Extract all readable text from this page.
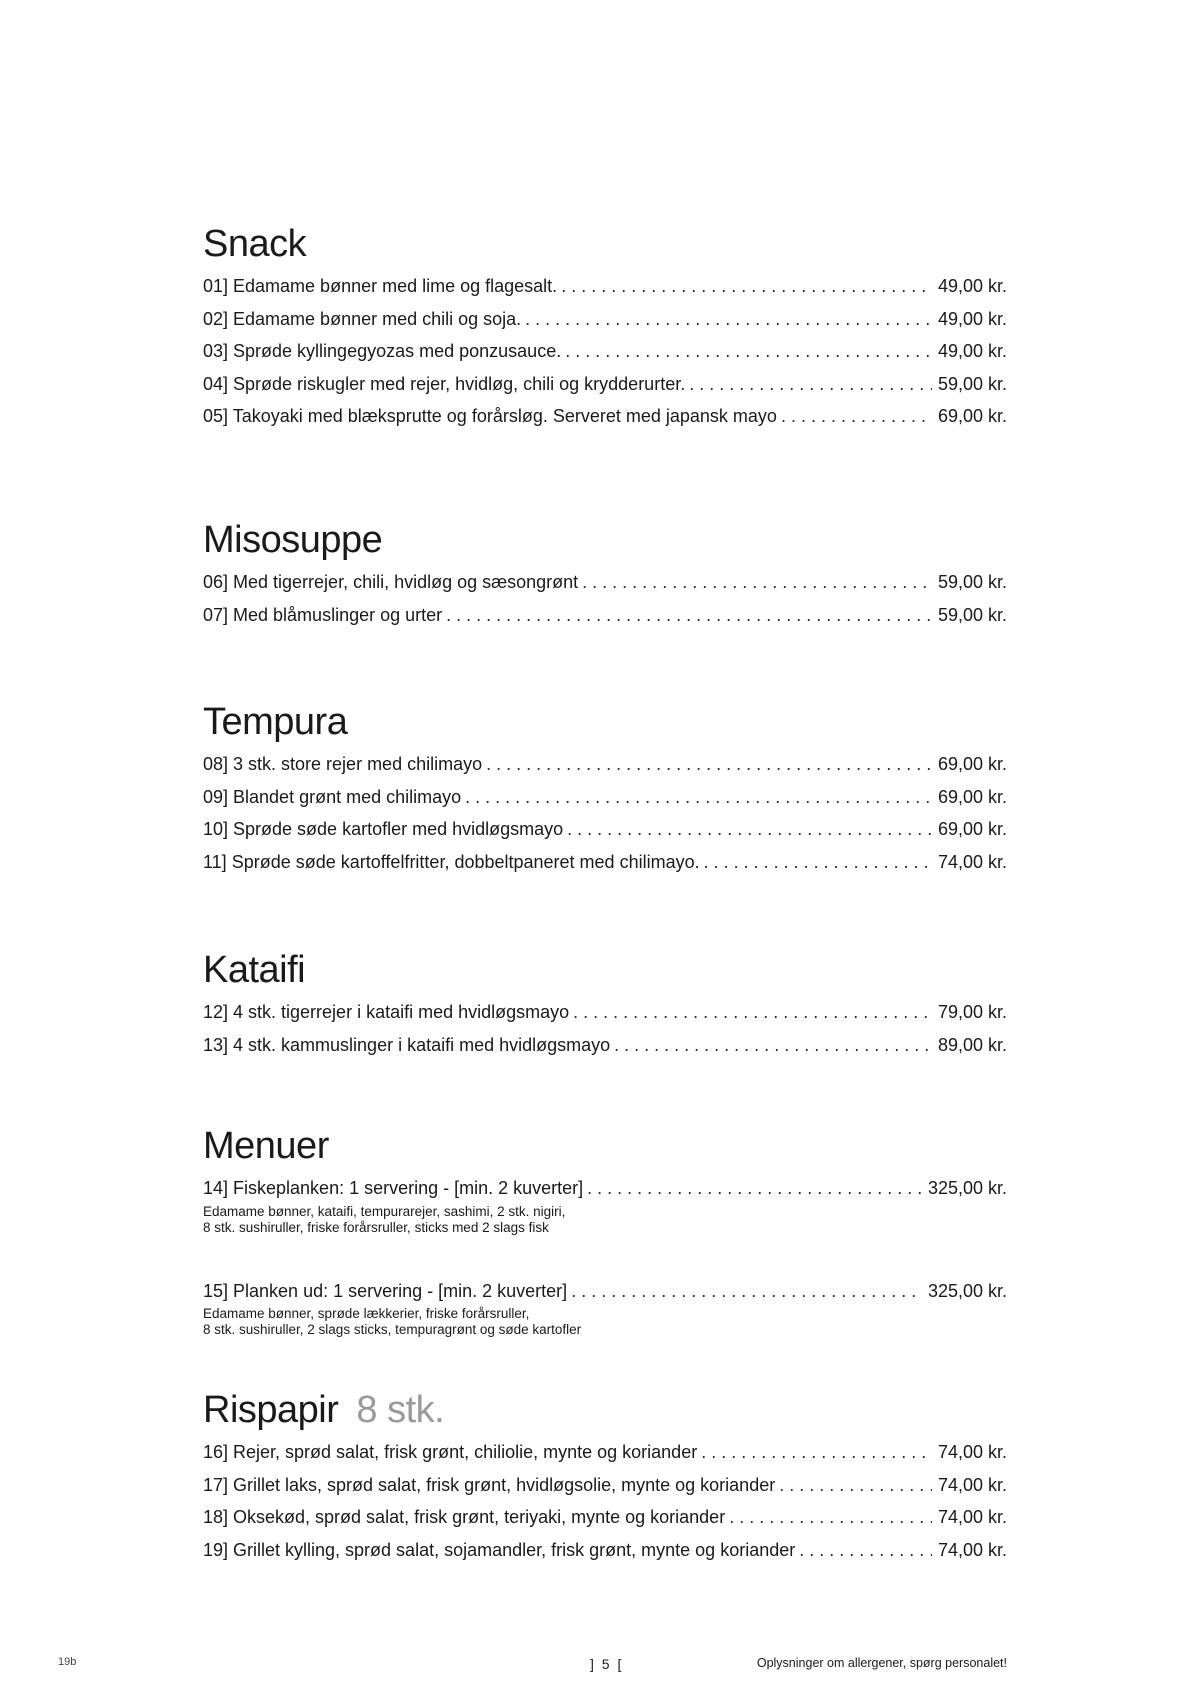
Snack
01] Edamame bønner med lime og flagesalt. . . .	49,00 kr.
02] Edamame bønner med chili og soja. . . .	49,00 kr.
03] Sprøde kyllingegyozas med ponzusauce. . . .	49,00 kr.
04] Sprøde riskugler med rejer, hvidløg, chili og krydderurter. . . .	59,00 kr.
05] Takoyaki med blæksprutte og forårsløg. Serveret med japansk mayo . . .	69,00 kr.
Misosuppe
06] Med tigerrejer, chili, hvidløg og sæsongrønt . . .	59,00 kr.
07] Med blåmuslinger og urter . . .	59,00 kr.
Tempura
08] 3 stk. store rejer med chilimayo . . .	69,00 kr.
09] Blandet grønt med chilimayo . . .	69,00 kr.
10] Sprøde søde kartofler med hvidløgsmayo . . .	69,00 kr.
11] Sprøde søde kartoffelfritter, dobbeltpaneret med chilimayo. . . .	74,00 kr.
Kataifi
12] 4 stk. tigerrejer i kataifi med hvidløgsmayo . . .	79,00 kr.
13] 4 stk. kammuslinger i kataifi med hvidløgsmayo . . .	89,00 kr.
Menuer
14] Fiskeplanken: 1 servering - [min. 2 kuverter] . . .	325,00 kr.
Edamame bønner, kataifi, tempurarejer, sashimi, 2 stk. nigiri,
8 stk. sushiruller, friske forårsruller, sticks med 2 slags fisk
15] Planken ud: 1 servering - [min. 2 kuverter] . . .	325,00 kr.
Edamame bønner, sprøde lækkerier, friske forårsruller,
8 stk. sushiruller, 2 slags sticks, tempuragrønt og søde kartofler
Rispapir 8 stk.
16] Rejer, sprød salat, frisk grønt, chiliolie, mynte og koriander . . .	74,00 kr.
17] Grillet laks, sprød salat, frisk grønt, hvidløgsolie, mynte og koriander . . .	74,00 kr.
18] Oksekød, sprød salat, frisk grønt, teriyaki, mynte og koriander . . .	74,00 kr.
19] Grillet kylling, sprød salat, sojamandler, frisk grønt, mynte og koriander . . .	74,00 kr.
19b	] 5 [	Oplysninger om allergener, spørg personalet!
